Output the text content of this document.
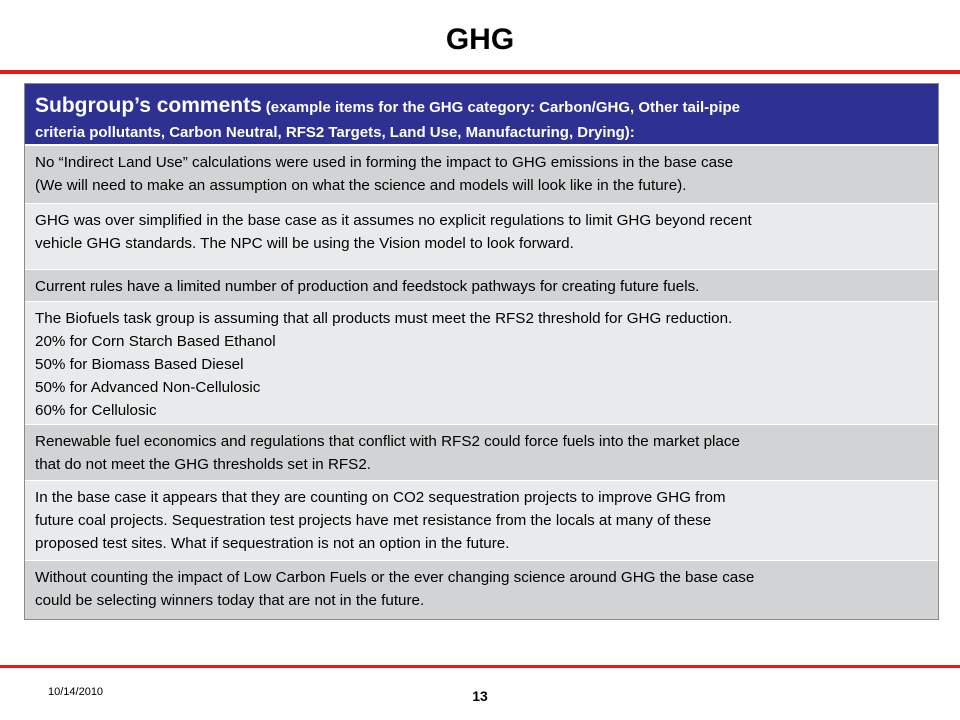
GHG
Subgroup’s comments (example items for the GHG category: Carbon/GHG, Other tail-pipe
criteria pollutants, Carbon Neutral, RFS2 Targets, Land Use, Manufacturing, Drying):
No “Indirect Land Use” calculations were used in forming the impact to GHG emissions in the base case
(We will need to make an assumption on what the science and models will look like in the future).
GHG was over simplified in the base case as it assumes no explicit regulations to limit GHG beyond recent
vehicle GHG standards. The NPC will be using the Vision model to look forward.
Current rules have a limited number of production and feedstock pathways for creating future fuels.
The Biofuels task group is assuming that all products must meet the RFS2 threshold for GHG reduction.
20% for Corn Starch Based Ethanol
50% for Biomass Based Diesel
50% for Advanced Non-Cellulosic
60% for Cellulosic
Renewable fuel economics and regulations that conflict with RFS2 could force fuels into the market place
that do not meet the GHG thresholds set in RFS2.
In the base case it appears that they are counting on CO2 sequestration projects to improve GHG from
future coal projects. Sequestration test projects have met resistance from the locals at many of these
proposed test sites. What if sequestration is not an option in the future.
Without counting the impact of Low Carbon Fuels or the ever changing science around GHG the base case
could be selecting winners today that are not in the future.
10/14/2010	13
